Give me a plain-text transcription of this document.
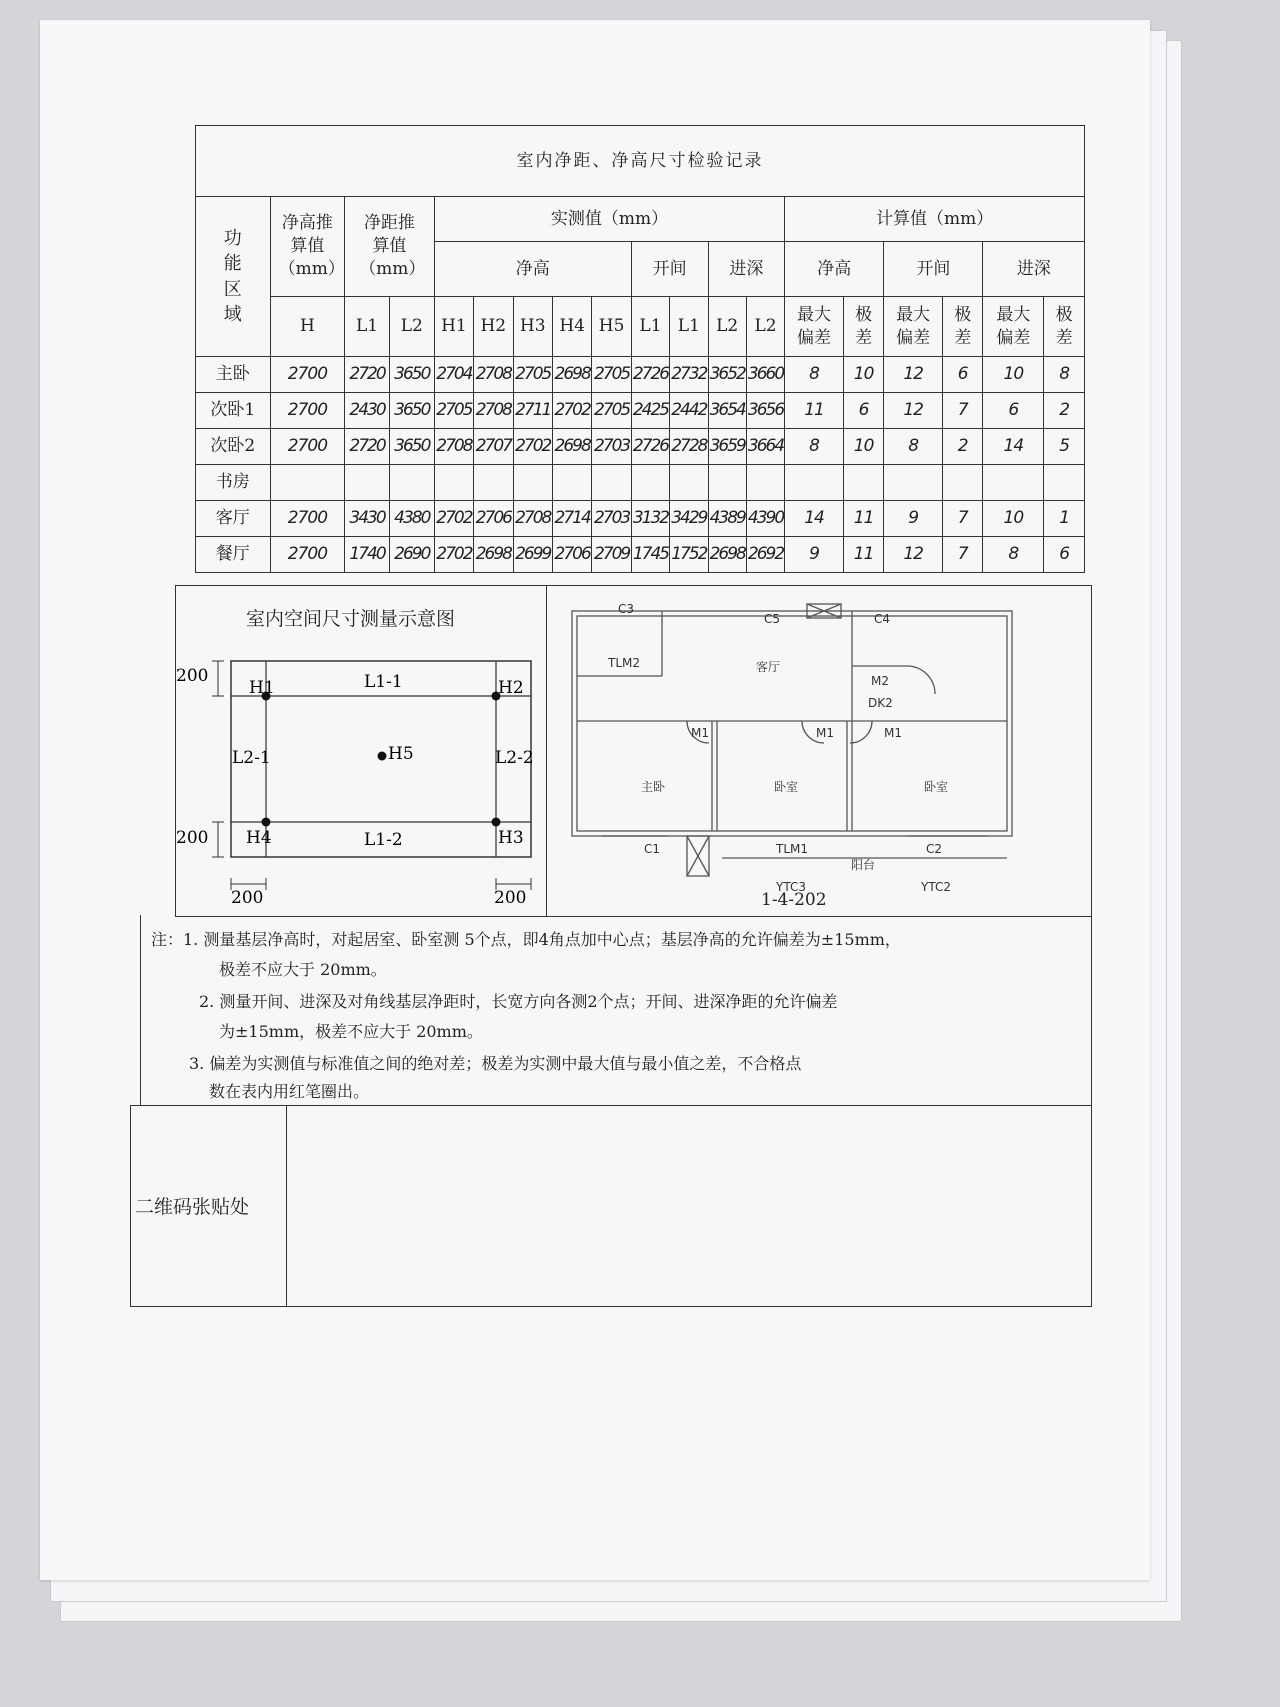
室内净距、净高尺寸检验记录																		

功能区域	净高推算值（mm）	净距推算值（mm）		实测值（mm）									计算值（mm）					
				净高					开间		进深		净高		开间		进深	
	H	L1	L2	H1	H2	H3	H4	H5	L1	L1	L2	L2	最大偏差	极差	最大偏差	极差	最大偏差	极差
主卧	2700	2720	3650	2704	2708	2705	2698	2705	2726	2732	3652	3660	8	10	12	6	10	8
次卧1	2700	2430	3650	2705	2708	2711	2702	2705	2425	2442	3654	3656	11	6	12	7	6	2
次卧2	2700	2720	3650	2708	2707	2702	2698	2703	2726	2728	3659	3664	8	10	8	2	14	5
书房																		
客厅	2700	3430	4380	2702	2706	2708	2714	2703	3132	3429	4389	4390	14	11	9	7	10	1
餐厅	2700	1740	2690	2702	2698	2699	2706	2709	1745	1752	2698	2692	9	11	12	7	8	6
室内空间尺寸测量示意图
H1	H2
H3
H4
H5
L1-1
L1-2
L2-1	L2-2
200
200
200	200
C3
C5	C4
TLM2	客厅
M2
DK2
M1	M1	M1
主卧	卧室	卧室
C1	TLM1
阳台
C2
YTC3	YTC2
1-4-202
注：1. 测量基层净高时，对起居室、卧室测 5个点，即4角点加中心点；基层净高的允许偏差为±15mm，
极差不应大于 20mm。
2. 测量开间、进深及对角线基层净距时，长宽方向各测2个点；开间、进深净距的允许偏差
为±15mm，极差不应大于 20mm。
3. 偏差为实测值与标准值之间的绝对差；极差为实测中最大值与最小值之差，不合格点
数在表内用红笔圈出。
二维码张贴处
